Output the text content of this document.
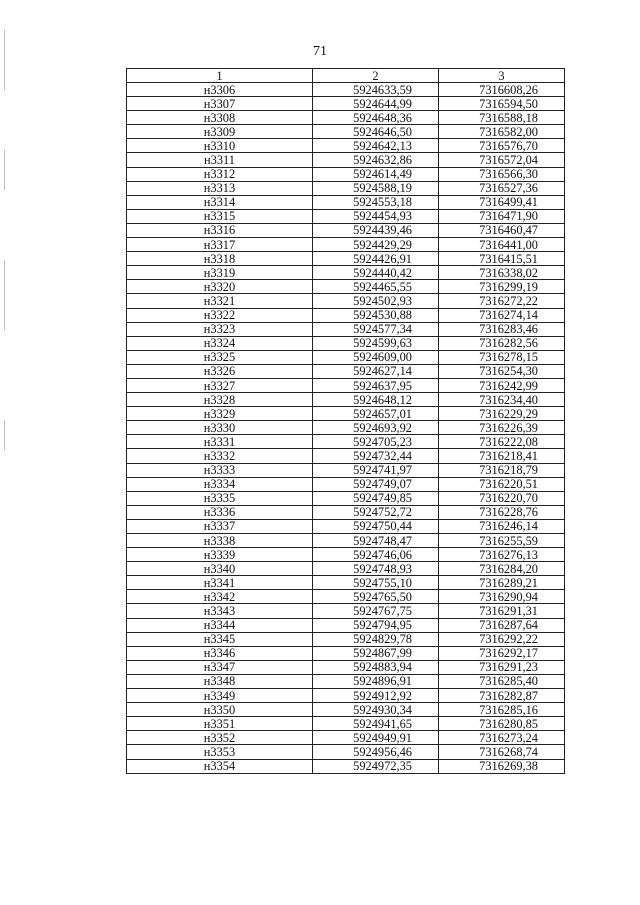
71
1	2	3
н3306	5924633,59	7316608,26
н3307	5924644,99	7316594,50
н3308	5924648,36	7316588,18
н3309	5924646,50	7316582,00
н3310	5924642,13	7316576,70
н3311	5924632,86	7316572,04
н3312	5924614,49	7316566,30
н3313	5924588,19	7316527,36
н3314	5924553,18	7316499,41
н3315	5924454,93	7316471,90
н3316	5924439,46	7316460,47
н3317	5924429,29	7316441,00
н3318	5924426,91	7316415,51
н3319	5924440,42	7316338,02
н3320	5924465,55	7316299,19
н3321	5924502,93	7316272,22
н3322	5924530,88	7316274,14
н3323	5924577,34	7316283,46
н3324	5924599,63	7316282,56
н3325	5924609,00	7316278,15
н3326	5924627,14	7316254,30
н3327	5924637,95	7316242,99
н3328	5924648,12	7316234,40
н3329	5924657,01	7316229,29
н3330	5924693,92	7316226,39
н3331	5924705,23	7316222,08
н3332	5924732,44	7316218,41
н3333	5924741,97	7316218,79
н3334	5924749,07	7316220,51
н3335	5924749,85	7316220,70
н3336	5924752,72	7316228,76
н3337	5924750,44	7316246,14
н3338	5924748,47	7316255,59
н3339	5924746,06	7316276,13
н3340	5924748,93	7316284,20
н3341	5924755,10	7316289,21
н3342	5924765,50	7316290,94
н3343	5924767,75	7316291,31
н3344	5924794,95	7316287,64
н3345	5924829,78	7316292,22
н3346	5924867,99	7316292,17
н3347	5924883,94	7316291,23
н3348	5924896,91	7316285,40
н3349	5924912,92	7316282,87
н3350	5924930,34	7316285,16
н3351	5924941,65	7316280,85
н3352	5924949,91	7316273,24
н3353	5924956,46	7316268,74
н3354	5924972,35	7316269,38
